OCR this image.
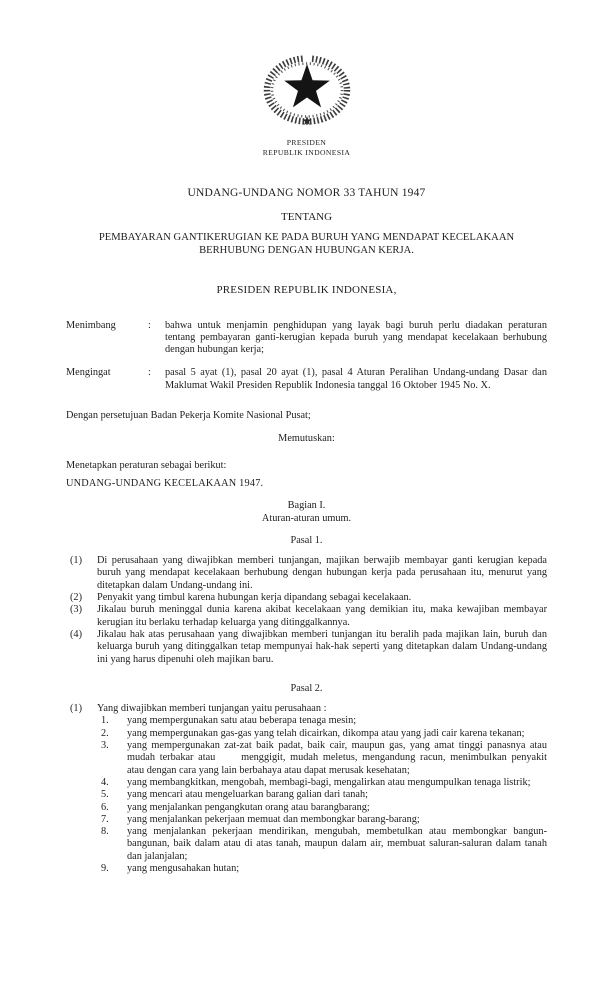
PRESIDEN
REPUBLIK INDONESIA
UNDANG-UNDANG NOMOR 33 TAHUN 1947
TENTANG
PEMBAYARAN GANTIKERUGIAN KE PADA BURUH YANG MENDAPAT KECELAKAAN BERHUBUNG DENGAN HUBUNGAN KERJA.
PRESIDEN REPUBLIK INDONESIA,
Menimbang	:	bahwa untuk menjamin penghidupan yang layak bagi buruh perlu diadakan peraturan tentang pembayaran ganti-kerugian kepada buruh yang mendapat kecelakaan berhubung dengan hubungan kerja;
Mengingat	:	pasal 5 ayat (1), pasal 20 ayat (1), pasal 4 Aturan Peralihan Undang-undang Dasar dan Maklumat Wakil Presiden Republik Indonesia tanggal 16 Oktober 1945 No. X.

Dengan persetujuan Badan Pekerja Komite Nasional Pusat;

Memutuskan:

Menetapkan peraturan sebagai berikut:

UNDANG-UNDANG KECELAKAAN 1947.

Bagian I.
Aturan-aturan umum.
Pasal 1.
(1)	Di perusahaan yang diwajibkan memberi tunjangan, majikan berwajib membayar ganti kerugian kepada buruh yang mendapat kecelakaan berhubung dengan hubungan kerja pada perusahaan itu, menurut yang ditetapkan dalam Undang-undang ini.
(2)	Penyakit yang timbul karena hubungan kerja dipandang sebagai kecelakaan.
(3)	Jikalau buruh meninggal dunia karena akibat kecelakaan yang demikian itu, maka kewajiban membayar kerugian itu berlaku terhadap keluarga yang ditinggalkannya.
(4)	Jikalau hak atas perusahaan yang diwajibkan memberi tunjangan itu beralih pada majikan lain, buruh dan keluarga buruh yang ditinggalkan tetap mempunyai hak-hak seperti yang ditetapkan dalam Undang-undang ini yang harus dipenuhi oleh majikan baru.
Pasal 2.
(1)	Yang diwajibkan memberi tunjangan yaitu perusahaan :
1.	yang mempergunakan satu atau beberapa tenaga mesin;
2.	yang mempergunakan gas-gas yang telah dicairkan, dikompa atau yang jadi cair karena tekanan;
3.	yang mempergunakan zat-zat baik padat, baik cair, maupun gas, yang amat tinggi panasnya atau mudah terbakar atau   menggigit, mudah meletus, mengandung racun, menimbulkan penyakit atau dengan cara yang lain berbahaya atau dapat merusak kesehatan;
4.	yang membangkitkan, mengobah, membagi-bagi, mengalirkan atau mengumpulkan tenaga listrik;
5.	yang mencari atau mengeluarkan barang galian dari tanah;
6.	yang menjalankan pengangkutan orang atau barangbarang;
7.	yang menjalankan pekerjaan memuat dan membongkar barang-barang;
8.	yang menjalankan pekerjaan mendirikan, mengubah, membetulkan atau membongkar bangun-bangunan, baik dalam atau di atas tanah, maupun dalam air, membuat saluran-saluran dalam tanah dan jalanjalan;
9.	yang mengusahakan hutan;
